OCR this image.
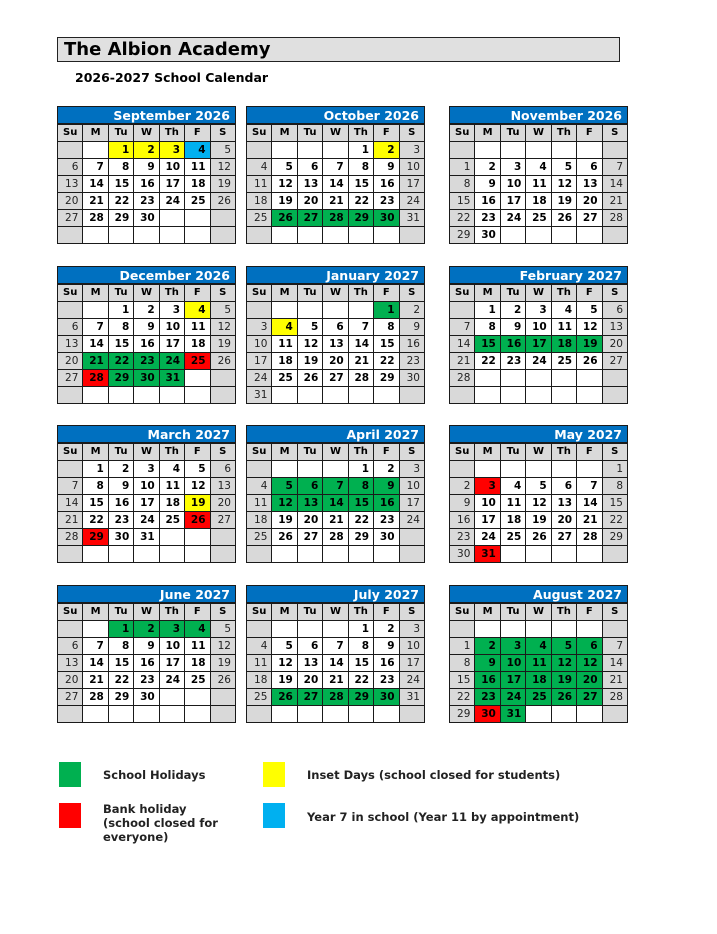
The Albion Academy
2026-2027 School Calendar
September 2026
Su	M	Tu	W	Th	F	S
		1	2	3	4	5
6	7	8	9	10	11	12
13	14	15	16	17	18	19
20	21	22	23	24	25	26
27	28	29	30			

October 2026
Su	M	Tu	W	Th	F	S
				1	2	3
4	5	6	7	8	9	10
11	12	13	14	15	16	17
18	19	20	21	22	23	24
25	26	27	28	29	30	31

November 2026
Su	M	Tu	W	Th	F	S

1	2	3	4	5	6	7
8	9	10	11	12	13	14
15	16	17	18	19	20	21
22	23	24	25	26	27	28
29	30					
December 2026
Su	M	Tu	W	Th	F	S
		1	2	3	4	5
6	7	8	9	10	11	12
13	14	15	16	17	18	19
20	21	22	23	24	25	26
27	28	29	30	31		

January 2027
Su	M	Tu	W	Th	F	S
					1	2
3	4	5	6	7	8	9
10	11	12	13	14	15	16
17	18	19	20	21	22	23
24	25	26	27	28	29	30
31						
February 2027
Su	M	Tu	W	Th	F	S
	1	2	3	4	5	6
7	8	9	10	11	12	13
14	15	16	17	18	19	20
21	22	23	24	25	26	27
28						

March 2027
Su	M	Tu	W	Th	F	S
	1	2	3	4	5	6
7	8	9	10	11	12	13
14	15	16	17	18	19	20
21	22	23	24	25	26	27
28	29	30	31			

April 2027
Su	M	Tu	W	Th	F	S
				1	2	3
4	5	6	7	8	9	10
11	12	13	14	15	16	17
18	19	20	21	22	23	24
25	26	27	28	29	30	

May 2027
Su	M	Tu	W	Th	F	S
						1
2	3	4	5	6	7	8
9	10	11	12	13	14	15
16	17	18	19	20	21	22
23	24	25	26	27	28	29
30	31					
June 2027
Su	M	Tu	W	Th	F	S
		1	2	3	4	5
6	7	8	9	10	11	12
13	14	15	16	17	18	19
20	21	22	23	24	25	26
27	28	29	30			

July 2027
Su	M	Tu	W	Th	F	S
				1	2	3
4	5	6	7	8	9	10
11	12	13	14	15	16	17
18	19	20	21	22	23	24
25	26	27	28	29	30	31

August 2027
Su	M	Tu	W	Th	F	S

1	2	3	4	5	6	7
8	9	10	11	12	12	14
15	16	17	18	19	20	21
22	23	24	25	26	27	28
29	30	31				
School Holidays	Inset Days (school closed for students)
Bank holiday (school closed for everyone)
Year 7 in school (Year 11 by appointment)
